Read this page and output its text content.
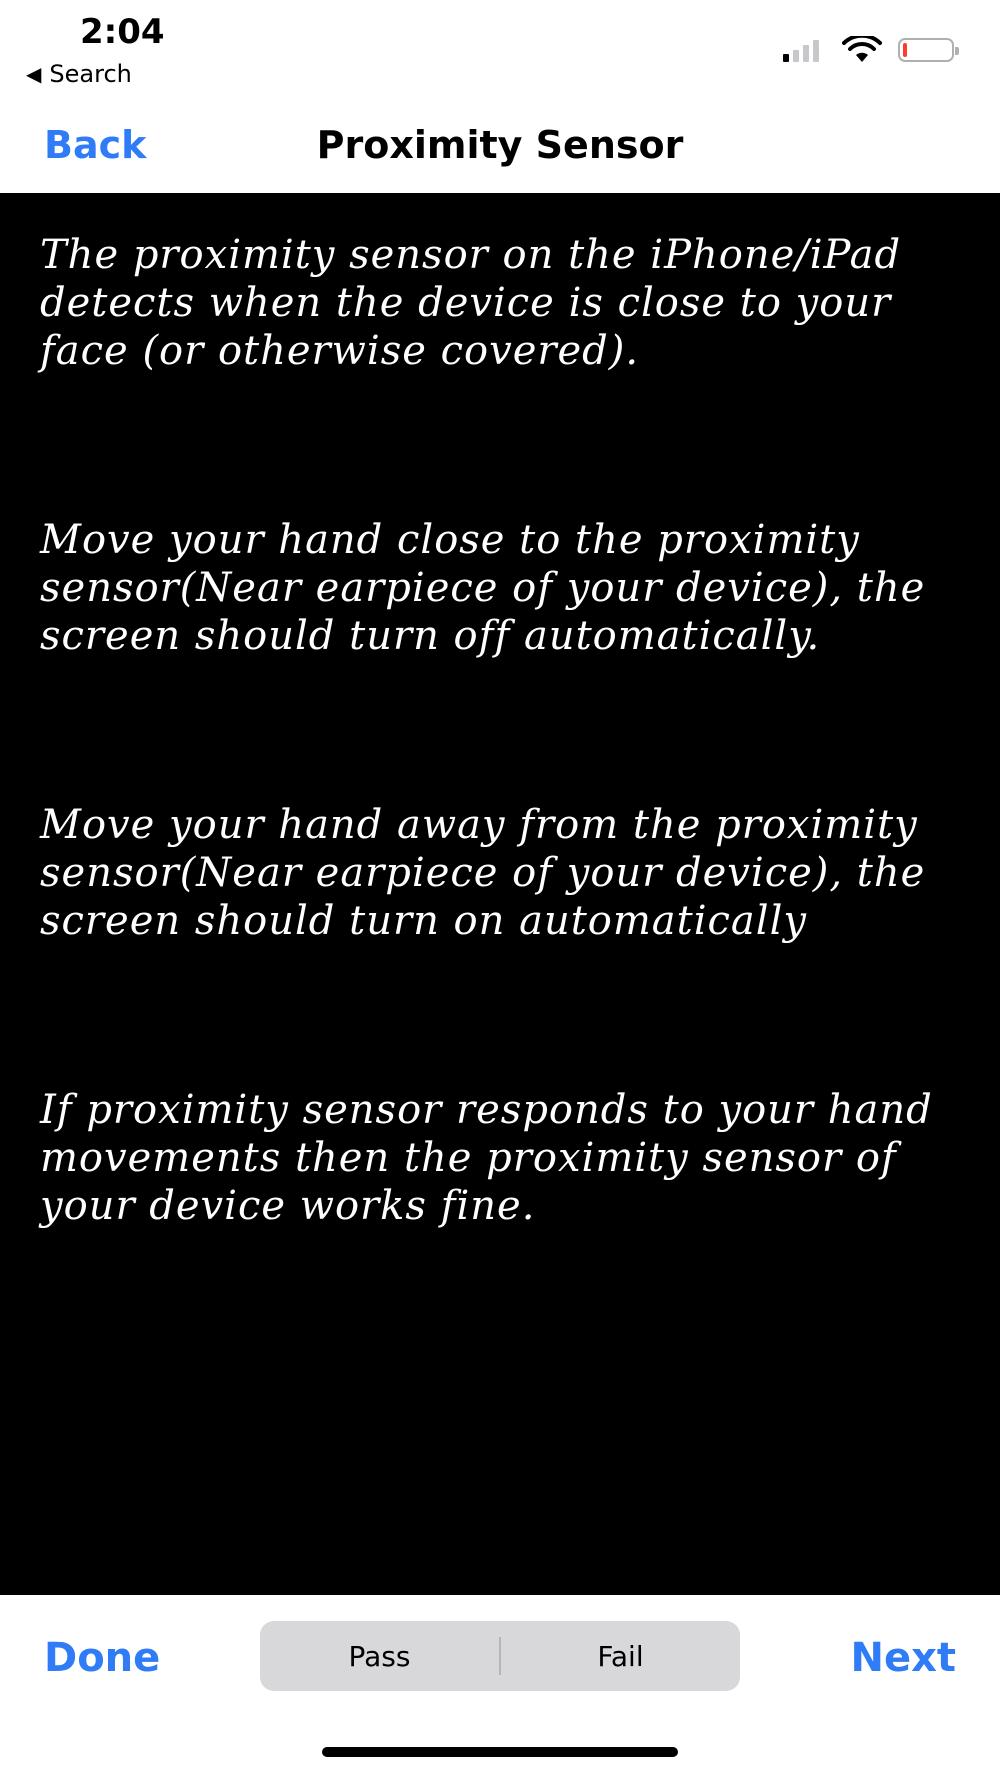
2:04
◀ Search
Back	Proximity Sensor
The proximity sensor on the iPhone/iPad detects when the device is close to your face (or otherwise covered).
Move your hand close to the proximity sensor(Near earpiece of your device), the screen should turn off automatically.
Move your hand away from the proximity sensor(Near earpiece of your device), the screen should turn on automatically
If proximity sensor responds to your hand movements then the proximity sensor of your device works fine.
Done	Pass	Fail	Next
